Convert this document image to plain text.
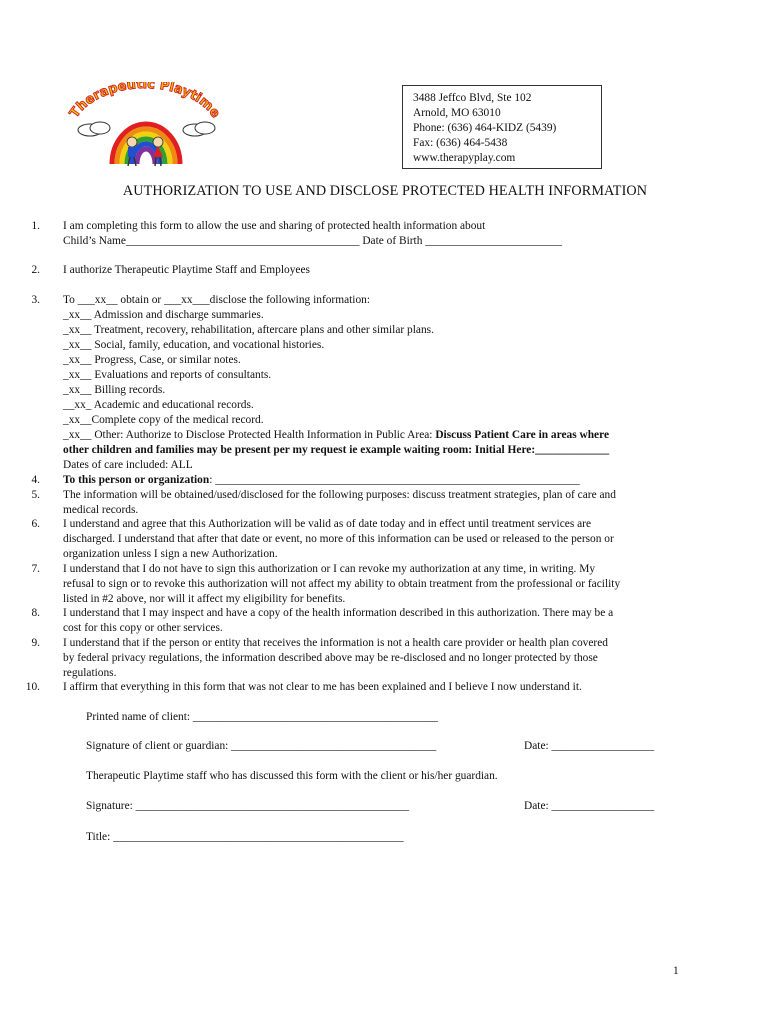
Therapeutic Playtime
3488 Jeffco Blvd, Ste 102
Arnold, MO 63010
Phone: (636) 464-KIDZ (5439)
Fax: (636) 464-5438
www.therapyplay.com
AUTHORIZATION TO USE AND DISCLOSE PROTECTED HEALTH INFORMATION
1. I am completing this form to allow the use and sharing of protected health information about
Child’s Name_________________________________________ Date of Birth ________________________
2. I authorize Therapeutic Playtime Staff and Employees
3. To ___xx__ obtain or ___xx___disclose the following information:
_xx__ Admission and discharge summaries.
_xx__ Treatment, recovery, rehabilitation, aftercare plans and other similar plans.
_xx__ Social, family, education, and vocational histories.
_xx__ Progress, Case, or similar notes.
_xx__ Evaluations and reports of consultants.
_xx__ Billing records.
__xx_ Academic and educational records.
_xx__Complete copy of the medical record.
_xx__ Other: Authorize to Disclose Protected Health Information in Public Area: Discuss Patient Care in areas where
other children and families may be present per my request ie example waiting room: Initial Here:_____________
Dates of care included: ALL
4. To this person or organization: ________________________________________________________________
5. The information will be obtained/used/disclosed for the following purposes: discuss treatment strategies, plan of care and
medical records.
6. I understand and agree that this Authorization will be valid as of date today and in effect until treatment services are
discharged. I understand that after that date or event, no more of this information can be used or released to the person or
organization unless I sign a new Authorization.
7. I understand that I do not have to sign this authorization or I can revoke my authorization at any time, in writing. My
refusal to sign or to revoke this authorization will not affect my ability to obtain treatment from the professional or facility
listed in #2 above, nor will it affect my eligibility for benefits.
8. I understand that I may inspect and have a copy of the health information described in this authorization. There may be a
cost for this copy or other services.
9. I understand that if the person or entity that receives the information is not a health care provider or health plan covered
by federal privacy regulations, the information described above may be re-disclosed and no longer protected by those
regulations.
10. I affirm that everything in this form that was not clear to me has been explained and I believe I now understand it.
Printed name of client: ___________________________________________
Signature of client or guardian: ____________________________________	Date: __________________
Therapeutic Playtime staff who has discussed this form with the client or his/her guardian.
Signature: ________________________________________________	Date: __________________
Title: ___________________________________________________
1
